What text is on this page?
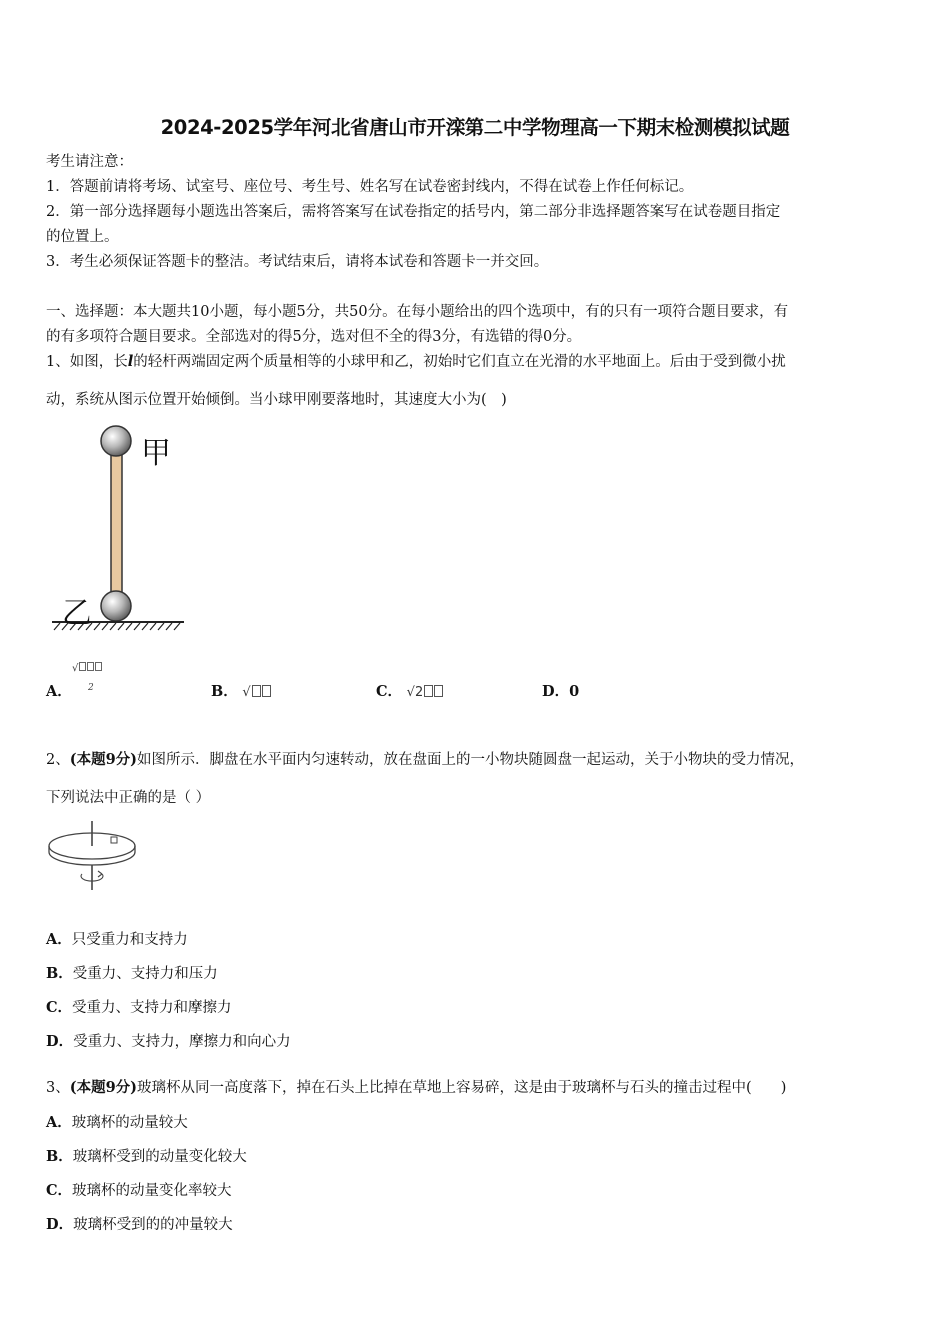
2024-2025学年河北省唐山市开滦第二中学物理高一下期末检测模拟试题
考生请注意：
1．答题前请将考场、试室号、座位号、考生号、姓名写在试卷密封线内，不得在试卷上作任何标记。
2．第一部分选择题每小题选出答案后，需将答案写在试卷指定的括号内，第二部分非选择题答案写在试卷题目指定
的位置上。
3．考生必须保证答题卡的整洁。考试结束后，请将本试卷和答题卡一并交回。
一、选择题：本大题共10小题，每小题5分，共50分。在每小题给出的四个选项中，有的只有一项符合题目要求，有
的有多项符合题目要求。全部选对的得5分，选对但不全的得3分，有选错的得0分。
1、如图，长l的轻杆两端固定两个质量相等的小球甲和乙，初始时它们直立在光滑的水平地面上。后由于受到微小扰
动，系统从图示位置开始倾倒。当小球甲刚要落地时，其速度大小为(　)
甲
乙
A．
√
2	B． √	C． √2	D．0
2、(本题9分)如图所示．脚盘在水平面内匀速转动，放在盘面上的一小物块随圆盘一起运动，关于小物块的受力情况，
下列说法中正确的是（ ）
A．只受重力和支持力
B．受重力、支持力和压力
C．受重力、支持力和摩擦力
D．受重力、支持力，摩擦力和向心力
3、(本题9分)玻璃杯从同一高度落下，掉在石头上比掉在草地上容易碎，这是由于玻璃杯与石头的撞击过程中(　　)
A．玻璃杯的动量较大
B．玻璃杯受到的动量变化较大
C．玻璃杯的动量变化率较大
D．玻璃杯受到的的冲量较大
